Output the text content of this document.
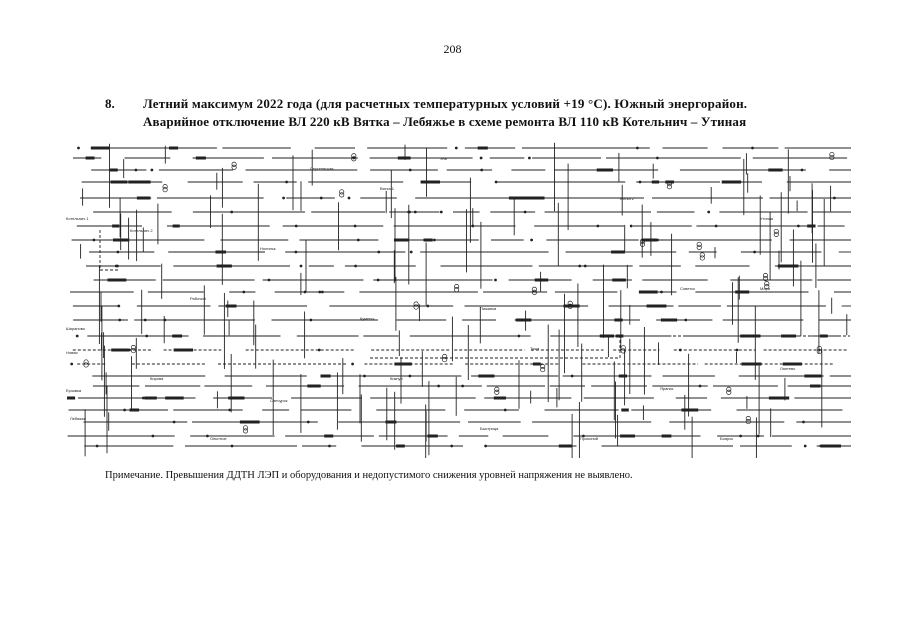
208
8. Летний максимум 2022 года (для расчетных температурных условий +19 °С). Южный энергорайон.
Аварийное отключение ВЛ 220 кВ Вятка – Лебяжье в схеме ремонта ВЛ 110 кВ Котельнич – Утиная
Котельнич 1
Котельнич 2
Шарапово
Новая
Ерзовка
Лебяжье
Вятка 1
Вятка 2
Утиная
Советск
Пижанка
Кумены
Нолинск
Рабочий
Сергеевская
Тужа
Яранск
Кикнур
Санчурск
Кирова
Опытное
Быстрица
Прокопий	Боярск
Лаптево
Мари
Уни
Примечание. Превышения ДДТН ЛЭП и оборудования и недопустимого снижения уровней напряжения не выявлено.
